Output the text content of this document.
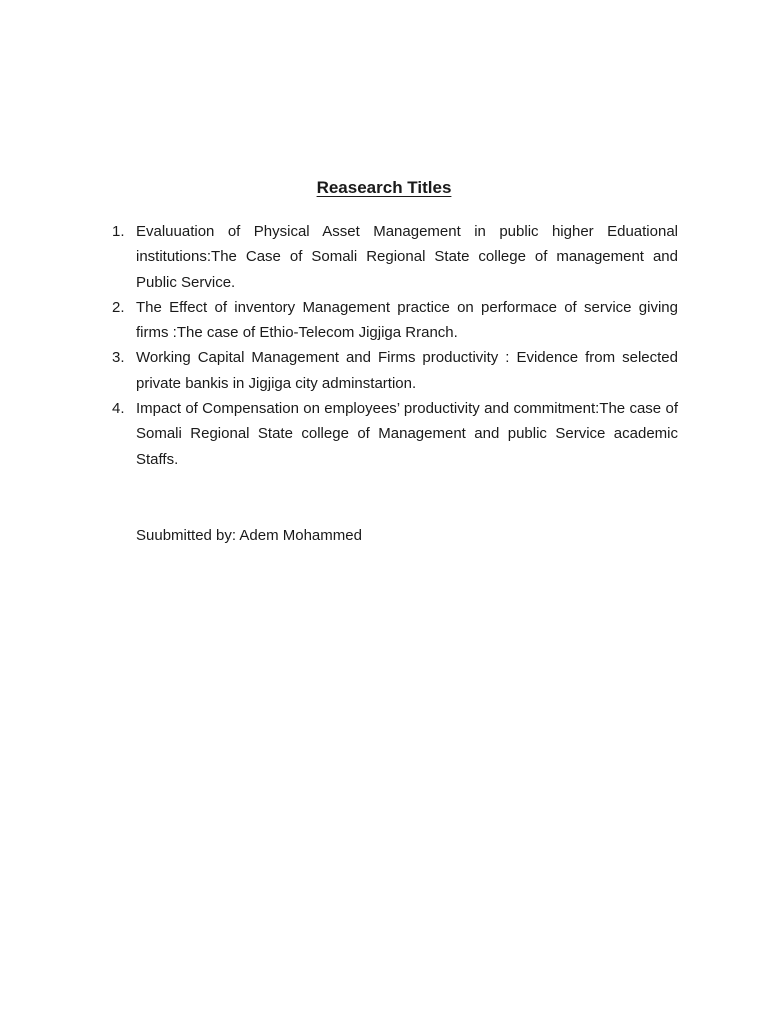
Reasearch Titles
1. Evaluuation of Physical Asset Management in public higher Eduational institutions:The Case of Somali Regional State college of management and Public Service.
2. The Effect of inventory Management practice on performace of service giving firms :The case of Ethio-Telecom Jigjiga Rranch.
3. Working Capital Management and Firms productivity : Evidence from selected private bankis in Jigjiga city adminstartion.
4. Impact of Compensation on employees’ productivity and commitment:The case of Somali Regional State college of Management and public Service academic Staffs.

Suubmitted by: Adem Mohammed
